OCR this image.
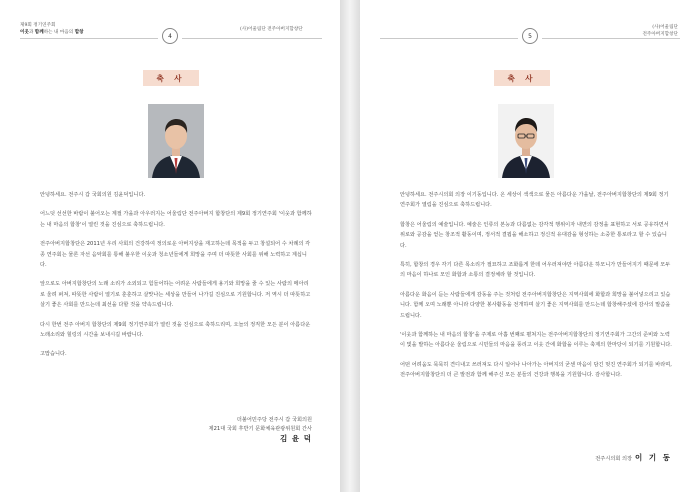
제9회 정기연주회
이웃과 함께하는 내 마음의 합창	4
(사)어울림단 전주아버지합창단
축 사

안녕하세요. 전주시 갑 국회의원 김윤덕입니다.

어느덧 선선한 바람이 불어오는 계절 가을과 아우러지는 어울림단 전주아버지 합창단의 제9회 정기연주회 '이웃과 함께하는 내 마음의 합창'이 열린 것을 진심으로 축하드립니다.

전주아버지합창단은 2011년 우리 사회의 건강하여 정의로운 아버지상을 재고하는데 목적을 두고 창설되어 수 차례의 각종 연주회는 물론 자선 음악회를 통해 불우한 이웃과 청소년들에게 희망을 주며 더 따뜻한 사회를 위해 노력하고 계십니다.

앞으로도 아버지합창단의 노래 소리가 소외되고 힘들어하는 어려운 사람들에게 용기와 희망을 줄 수 있는 사람의 메아리로 울려 퍼져, 따뜻한 사람이 열기로 훈훈하고 살맛나는 세상을 만들어 나가길 진심으로 기원합니다. 저 역시 더 따뜻하고 살기 좋은 사회를 만드는데 최선을 다할 것을 약속드립니다.

다시 한번 전주 아버지 합창단의 제9회 정기연주회가 열린 것을 진심으로 축하드리며, 오늘의 정직한 모든 분이 아름다운 노래소리와 힐링의 시간을 보내시길 바랍니다.

고맙습니다.

더불어민주당 전주시 갑 국회의원
제21대 국회 후반기 문화체육관광위원회 간사
김 윤 덕
5
(사)어울림단
전주아버지합창단
축 사

안녕하세요. 전주시의회 의장 이기동입니다. 온 세상이 색색으로 물든 아름다운 가을날, 전주아버지합창단의 제9회 정기연주회가 열림을 진심으로 축하드립니다.

합창은 어울림의 예술입니다. 예술은 인류의 본능과 다름없는 감각적 행위이자 내면의 감정을 표현하고 서로 공유하면서 위로와 공감을 얻는 창조적 활동이며, 정서적 결핍을 해소하고 정신적 유대감을 형성하는 소중한 통로라고 할 수 있습니다.

특히, 합창의 경우 각기 다른 목소리가 절묘하고 조화롭게 한데 어우러져야만 아름다운 하모니가 만들어지기 때문에 모두의 마음이 하나로 모인 화합과 소통의 결정체라 할 것입니다.

아름다운 화음이 듣는 사람들에게 감동을 주는 것처럼 전주아버지합창단은 지역사회에 화합과 희망을 불어넣으리고 있습니다. 함께 오며 노래뿐 아니라 다양한 봉사활동을 전개하며 살기 좋은 지역사회를 만드는데 합창해주셨에 감사의 말씀을 드립니다.

'이웃과 함께하는 내 마음의 합창'을 주제로 아홉 번째로 펼쳐지는 전주아버지합창단의 정기연주회가 그간의 준비와 노력이 빛을 발하는 아름다운 울림으로 시민들의 마음을 풍리고 이웃 간에 화합을 이루는 축제의 한마당이 되기를 기원합니다.

어떤 어려움도 묵묵히 견디내고 쓰러져도 다시 일어나 나아가는 아버지의 굳센 마음이 담긴 멋진 연주회가 되기를 바라며, 전주아버지합창단의 더 큰 발전과 함께 해주신 모든 분들의 건강과 행복을 기원합니다. 감사합니다.

전주시의회 의장 이 기 동
